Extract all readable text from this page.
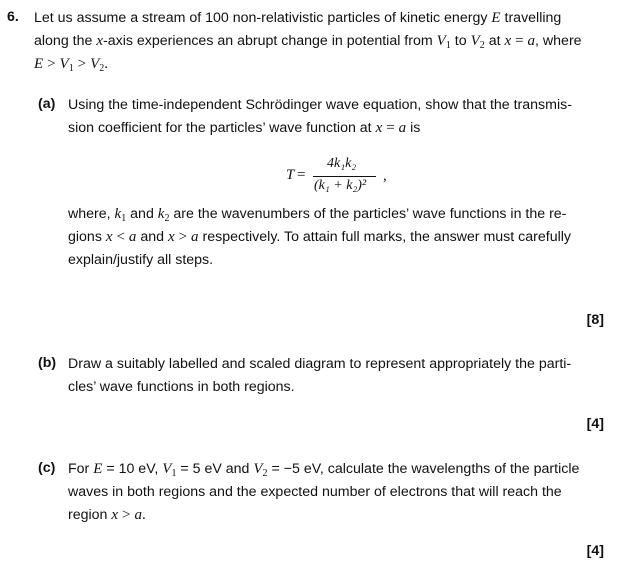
6. Let us assume a stream of 100 non-relativistic particles of kinetic energy E travelling
along the x-axis experiences an abrupt change in potential from $V_1$ to $V_2$ at x = a, where
$E > V_1 > V_2$.
(a) Using the time-independent Schrödinger wave equation, show that the transmis-
sion coefficient for the particles’ wave function at x = a is
T =
4k₁k₂
(k₁ + k₂)²
,
where, $k_1$ and $k_2$ are the wavenumbers of the particles’ wave functions in the re-
gions x < a and x > a respectively. To attain full marks, the answer must carefully
explain/justify all steps.
[8]
(b) Draw a suitably labelled and scaled diagram to represent appropriately the parti-
cles’ wave functions in both regions.
[4]
(c) For E = 10 eV, $V_1 = 5$ eV and $V_2 = -5$ eV, calculate the wavelengths of the particle
waves in both regions and the expected number of electrons that will reach the
region x > a.
[4]
